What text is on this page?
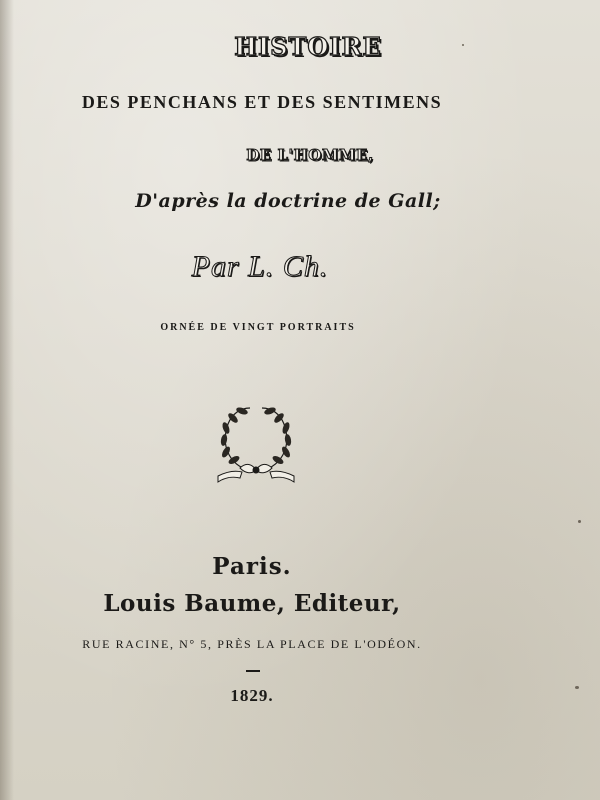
HISTOIRE
DES PENCHANS ET DES SENTIMENS
DE L'HOMME,
D'après la doctrine de Gall;
Par L. Ch.
ORNÉE DE VINGT PORTRAITS
Paris.
Louis Baume, Editeur,
RUE RACINE, N° 5, PRÈS LA PLACE DE L'ODÉON.
1829.
